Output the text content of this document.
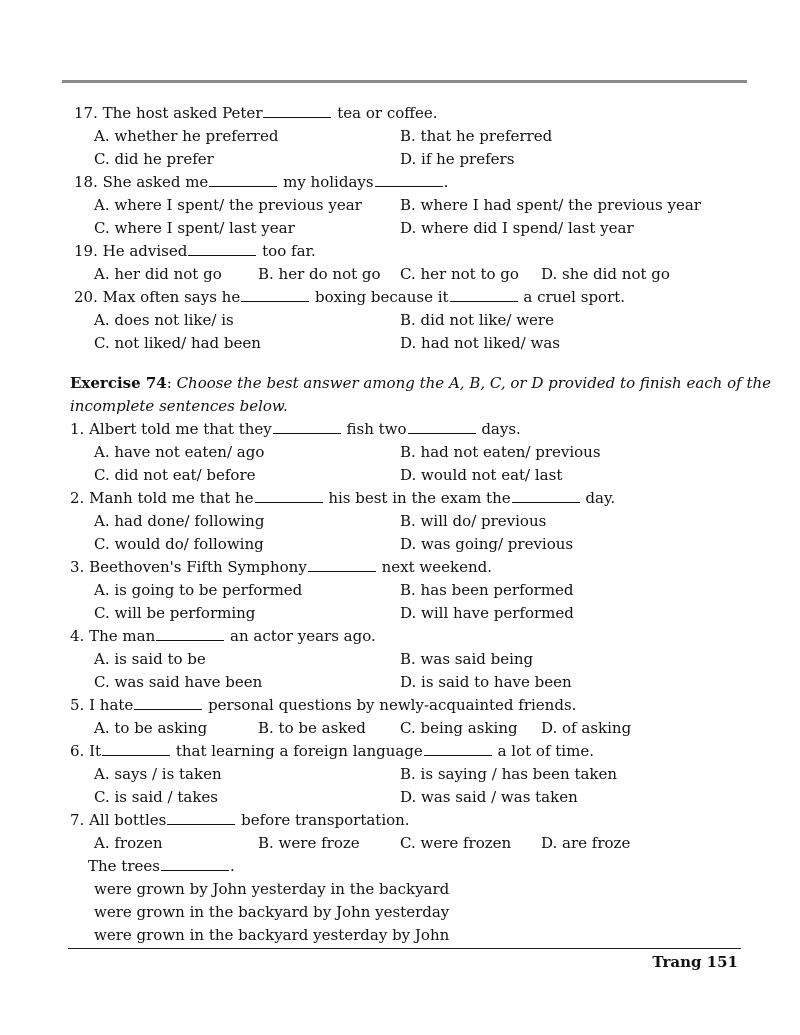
17. The host asked Peter	tea or coffee.
A. whether he preferred	B. that he preferred
C. did he prefer	D. if he prefers
18. She asked me	my holidays	.
A. where I spent/ the previous year	B. where I had spent/ the previous year
C. where I spent/ last year	D. where did I spend/ last year
19. He advised	too far.
A. her did not go B. her do not go C. her not to go D. she did not go
20. Max often says he	boxing because it	a cruel sport.
A. does not like/ is	B. did not like/ were
C. not liked/ had been	D. had not liked/ was
Exercise 74: Choose the best answer among the A, B, C, or D provided to finish each of the
incomplete sentences below.
1. Albert told me that they	fish two	days.
A. have not eaten/ ago	B. had not eaten/ previous
C. did not eat/ before	D. would not eat/ last
2. Manh told me that he	his best in the exam the	day.
A. had done/ following	B. will do/ previous
C. would do/ following	D. was going/ previous
3. Beethoven's Fifth Symphony	next weekend.
A. is going to be performed	B. has been performed
C. will be performing	D. will have performed
4. The man	an actor years ago.
A. is said to be	B. was said being
C. was said have been	D. is said to have been
5. I hate	personal questions by newly-acquainted friends.
A. to be asking	B. to be asked C. being asking D. of asking
6. It	that learning a foreign language	a lot of time.
A. says / is taken	B. is saying / has been taken
C. is said / takes	D. was said / was taken
7. All bottles	before transportation.
A. frozen	B. were froze	C. were frozen D. are froze
The trees	.
were grown by John yesterday in the backyard
were grown in the backyard by John yesterday
were grown in the backyard yesterday by John
Trang 151
